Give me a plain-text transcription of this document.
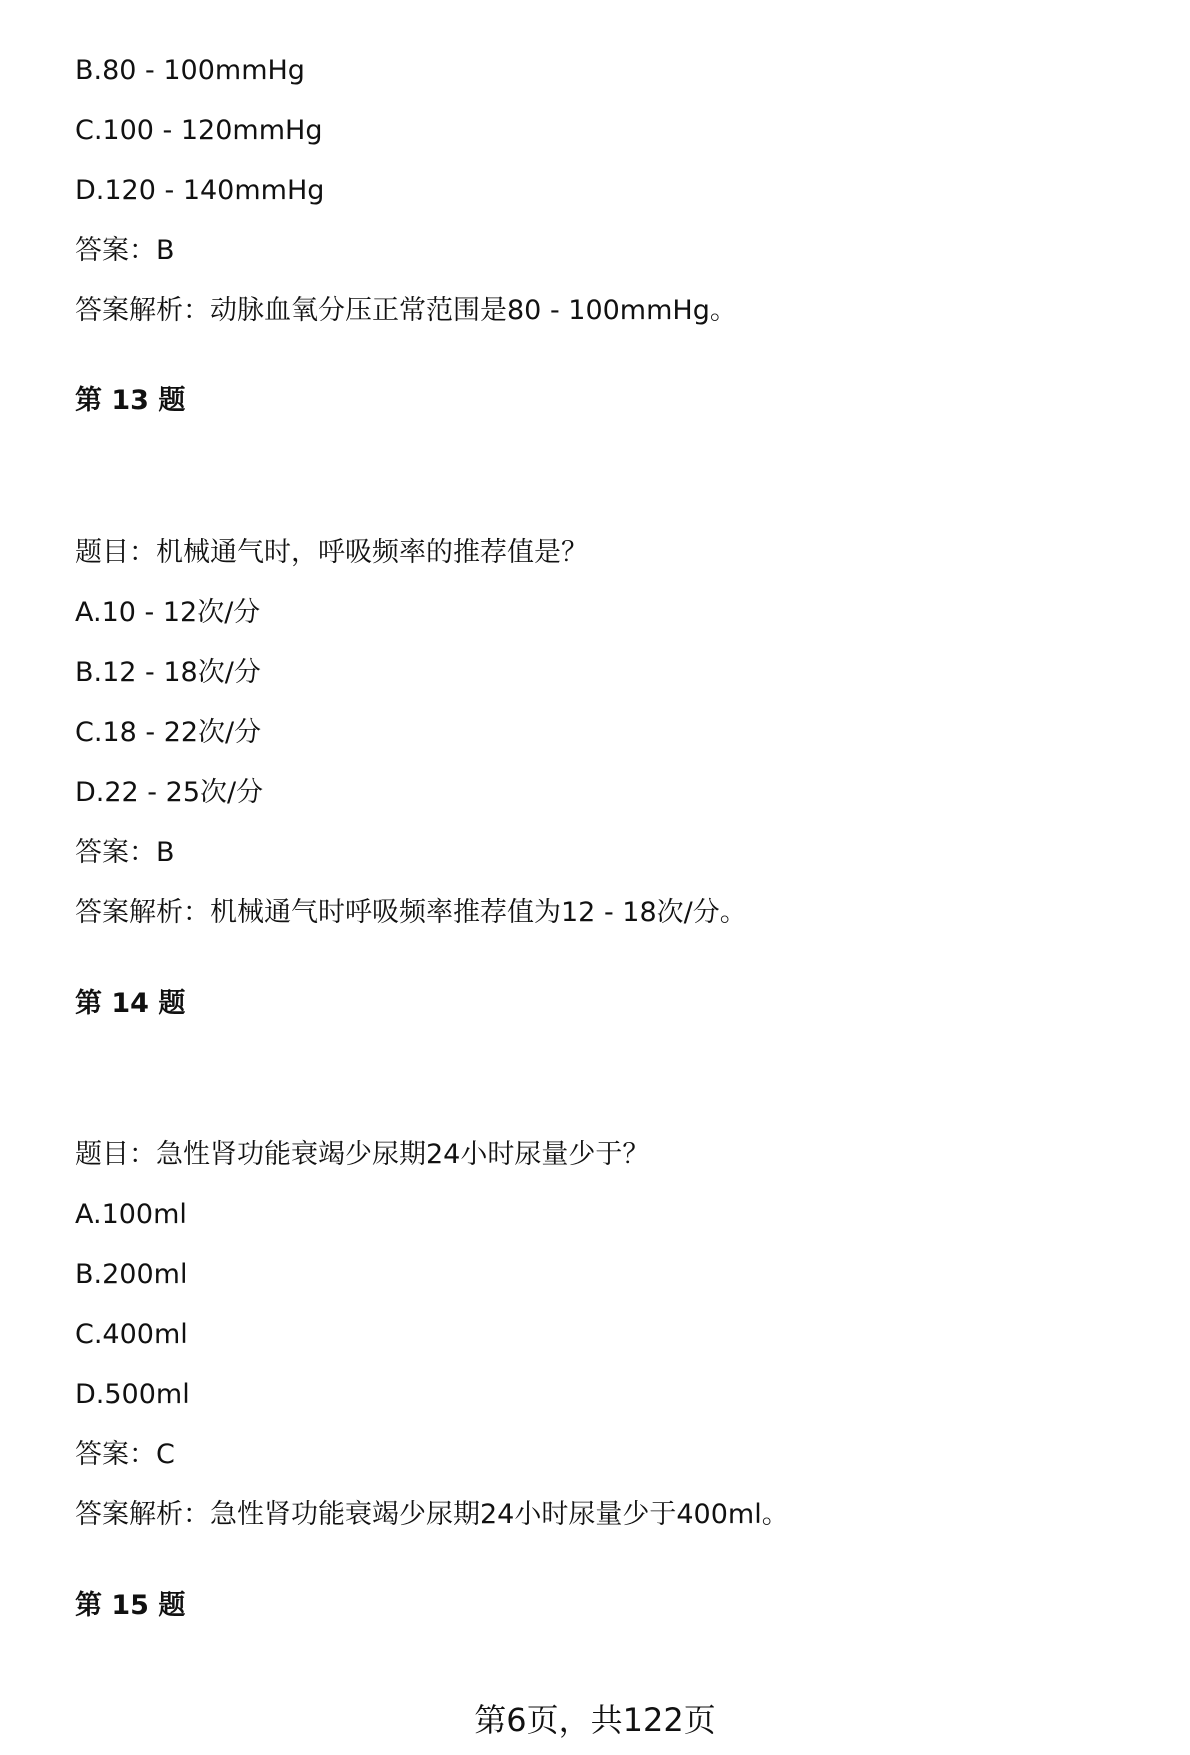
B.80 - 100mmHg
C.100 - 120mmHg
D.120 - 140mmHg
答案：B
答案解析：动脉血氧分压正常范围是80 - 100mmHg。
第 13 题
题目：机械通气时，呼吸频率的推荐值是？
A.10 - 12次/分
B.12 - 18次/分
C.18 - 22次/分
D.22 - 25次/分
答案：B
答案解析：机械通气时呼吸频率推荐值为12 - 18次/分。
第 14 题
题目：急性肾功能衰竭少尿期24小时尿量少于？
A.100ml
B.200ml
C.400ml
D.500ml
答案：C
答案解析：急性肾功能衰竭少尿期24小时尿量少于400ml。
第 15 题
第6页，共122页
